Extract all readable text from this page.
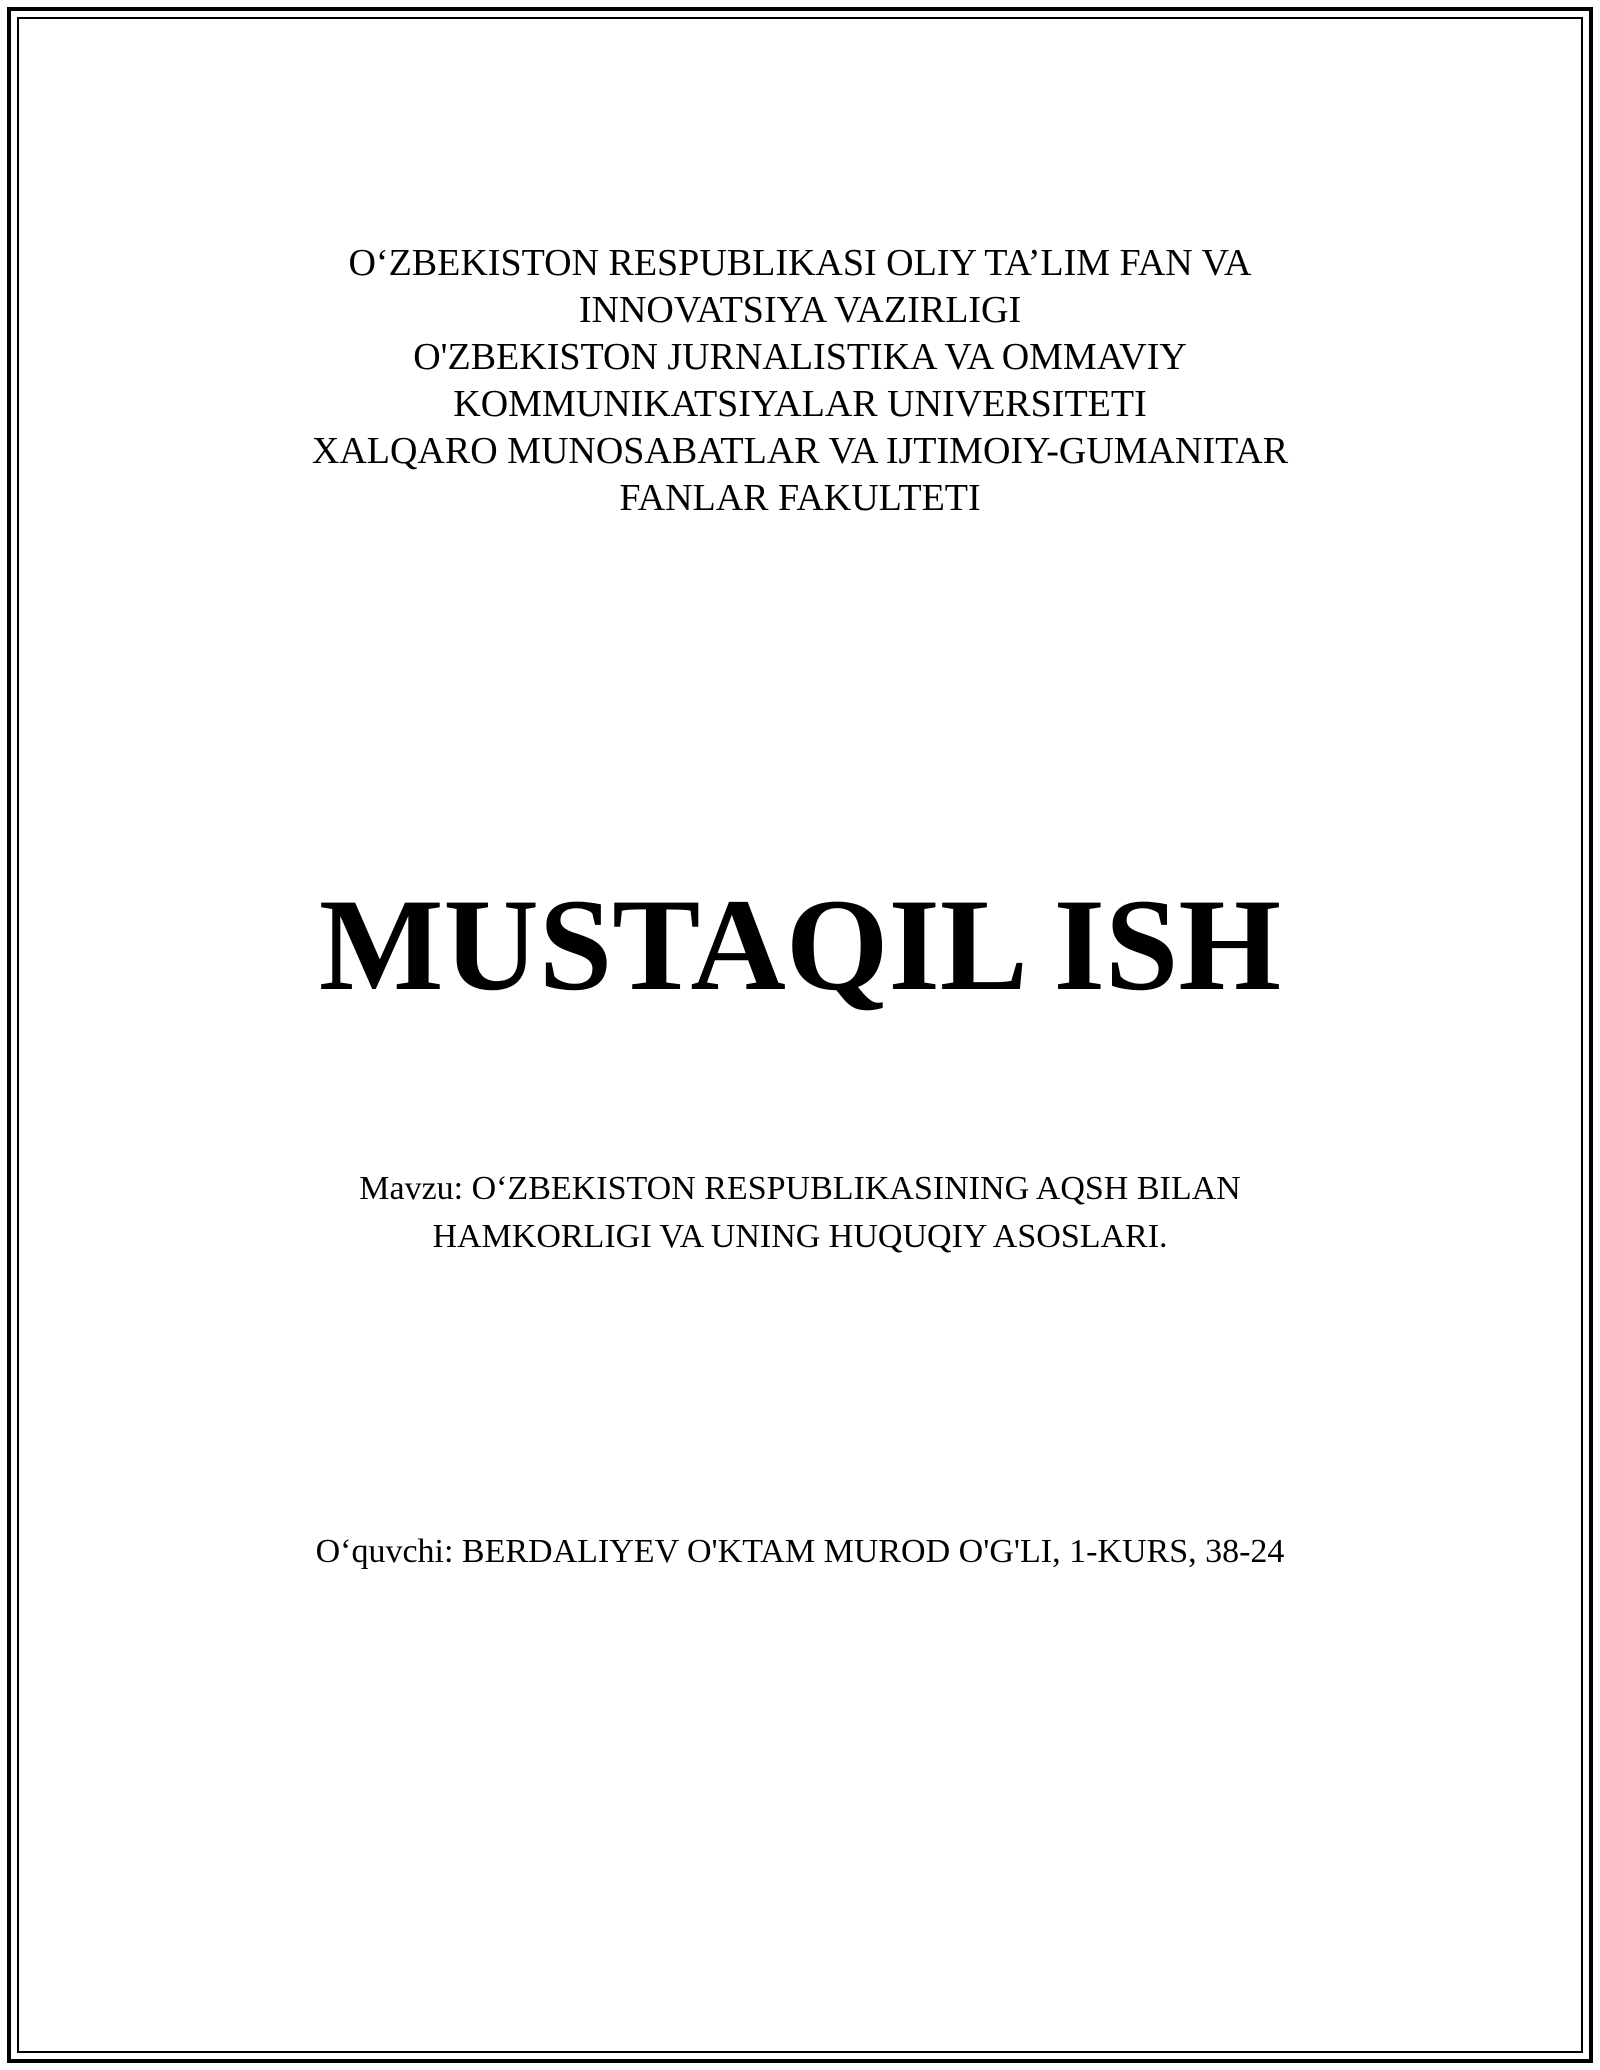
O‘ZBEKISTON RESPUBLIKASI OLIY TA’LIM FAN VA
INNOVATSIYA VAZIRLIGI
O'ZBEKISTON JURNALISTIKA VA OMMAVIY
KOMMUNIKATSIYALAR UNIVERSITETI
XALQARO MUNOSABATLAR VA IJTIMOIY-GUMANITAR
FANLAR FAKULTETI
MUSTAQIL ISH
Mavzu: O‘ZBEKISTON RESPUBLIKASINING AQSH BILAN
HAMKORLIGI VA UNING HUQUQIY ASOSLARI.
O‘quvchi: BERDALIYEV O'KTAM MUROD O'G'LI, 1-KURS, 38-24
